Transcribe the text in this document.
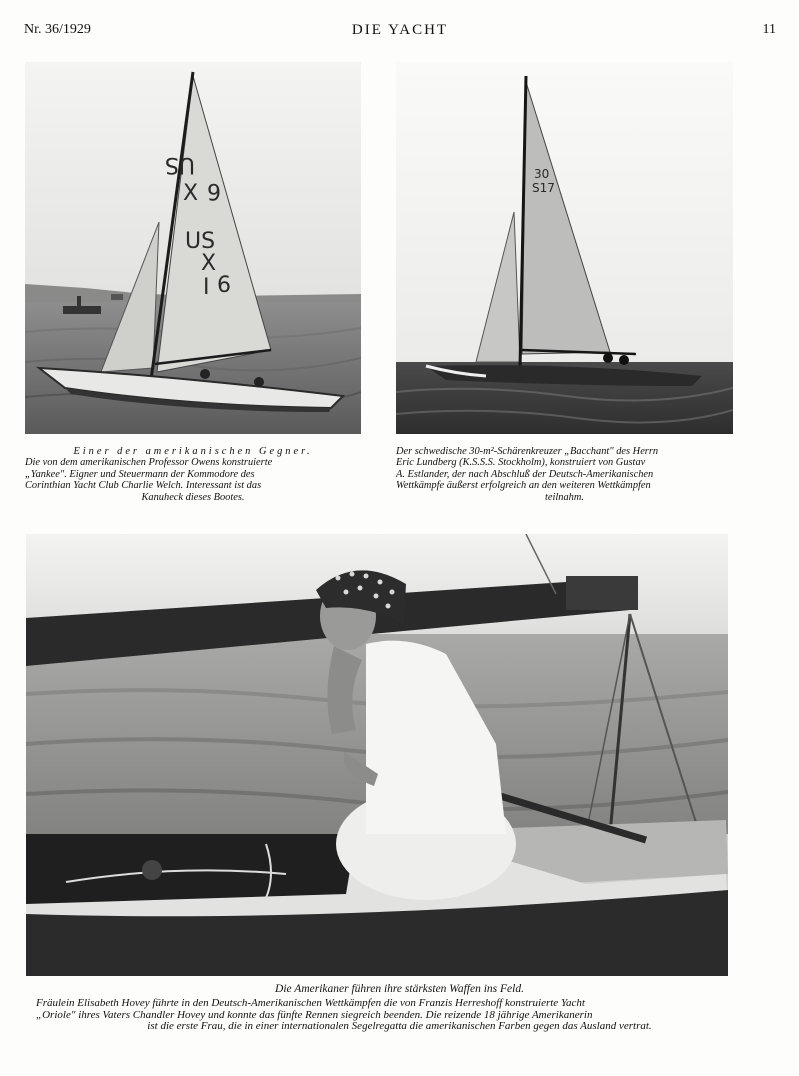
Nr. 36/1929	DIE YACHT	11
US
X 6
US
X
6
I

Einer der amerikanischen Gegner.

Die von dem amerikanischen Professor Owens konstruierte

„Yankee". Eigner und Steuermann der Kommodore des

Corinthian Yacht Club Charlie Welch. Interessant ist das

Kanuheck dieses Bootes.

30
S17

Der schwedische 30-m²-Schärenkreuzer „Bacchant" des Herrn

Eric Lundberg (K.S.S.S. Stockholm), konstruiert von Gustav

A. Estlander, der nach Abschluß der Deutsch-Amerikanischen

Wettkämpfe äußerst erfolgreich an den weiteren Wettkämpfen

teilnahm.

Die Amerikaner führen ihre stärksten Waffen ins Feld.

Fräulein Elisabeth Hovey führte in den Deutsch-Amerikanischen Wettkämpfen die von Franzis Herreshoff konstruierte Yacht

„Oriole" ihres Vaters Chandler Hovey und konnte das fünfte Rennen siegreich beenden. Die reizende 18 jährige Amerikanerin

ist die erste Frau, die in einer internationalen Segelregatta die amerikanischen Farben gegen das Ausland vertrat.
